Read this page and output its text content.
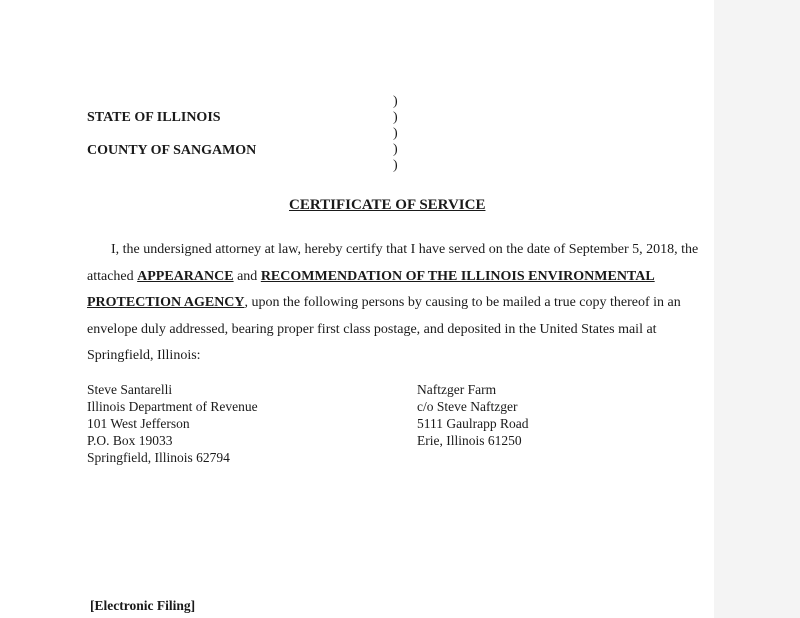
STATE OF ILLINOIS
COUNTY OF SANGAMON
)
)
)
)
)
CERTIFICATE OF SERVICE
I, the undersigned attorney at law, hereby certify that I have served on the date of September 5, 2018, the attached APPEARANCE and RECOMMENDATION OF THE ILLINOIS ENVIRONMENTAL PROTECTION AGENCY, upon the following persons by causing to be mailed a true copy thereof in an envelope duly addressed, bearing proper first class postage, and deposited in the United States mail at Springfield, Illinois:
Steve Santarelli
Illinois Department of Revenue
101 West Jefferson
P.O. Box 19033
Springfield, Illinois 62794
Naftzger Farm
c/o Steve Naftzger
5111 Gaulrapp Road
Erie, Illinois 61250
[Electronic Filing]
